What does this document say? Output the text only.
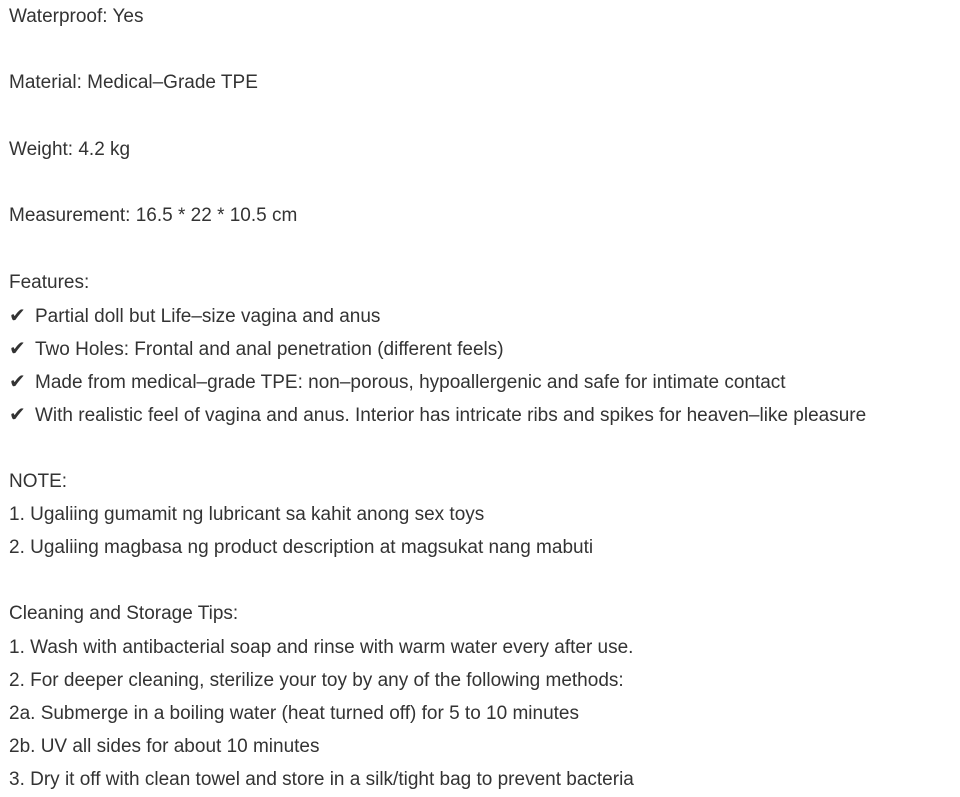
Waterproof: Yes
Material: Medical–Grade TPE
Weight: 4.2 kg
Measurement: 16.5 * 22 * 10.5 cm
Features:
✔ Partial doll but Life–size vagina and anus
✔ Two Holes: Frontal and anal penetration (different feels)
✔ Made from medical–grade TPE: non–porous, hypoallergenic and safe for intimate contact
✔ With realistic feel of vagina and anus. Interior has intricate ribs and spikes for heaven–like pleasure
NOTE:
1. Ugaliing gumamit ng lubricant sa kahit anong sex toys
2. Ugaliing magbasa ng product description at magsukat nang mabuti
Cleaning and Storage Tips:
1. Wash with antibacterial soap and rinse with warm water every after use.
2. For deeper cleaning, sterilize your toy by any of the following methods:
2a. Submerge in a boiling water (heat turned off) for 5 to 10 minutes
2b. UV all sides for about 10 minutes
3. Dry it off with clean towel and store in a silk/tight bag to prevent bacteria
